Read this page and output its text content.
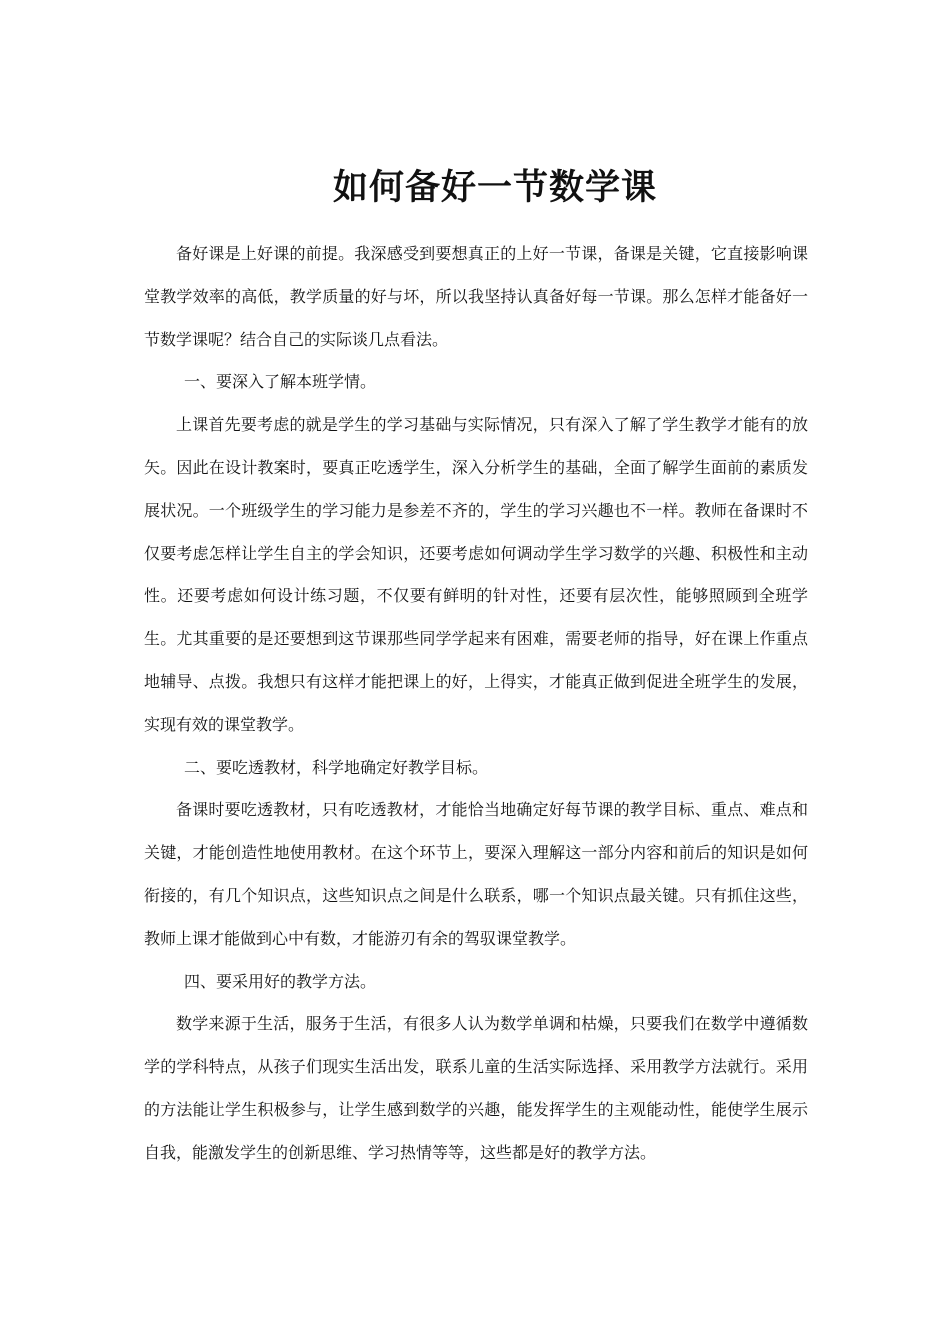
如何备好一节数学课

备好课是上好课的前提。我深感受到要想真正的上好一节课，备课是关键，它直接影响课堂教学效率的高低，教学质量的好与坏，所以我坚持认真备好每一节课。那么怎样才能备好一节数学课呢？结合自己的实际谈几点看法。

一、要深入了解本班学情。

上课首先要考虑的就是学生的学习基础与实际情况，只有深入了解了学生教学才能有的放矢。因此在设计教案时，要真正吃透学生，深入分析学生的基础，全面了解学生面前的素质发展状况。一个班级学生的学习能力是参差不齐的，学生的学习兴趣也不一样。教师在备课时不仅要考虑怎样让学生自主的学会知识，还要考虑如何调动学生学习数学的兴趣、积极性和主动性。还要考虑如何设计练习题，不仅要有鲜明的针对性，还要有层次性，能够照顾到全班学生。尤其重要的是还要想到这节课那些同学学起来有困难，需要老师的指导，好在课上作重点地辅导、点拨。我想只有这样才能把课上的好，上得实，才能真正做到促进全班学生的发展，实现有效的课堂教学。

二、要吃透教材，科学地确定好教学目标。

备课时要吃透教材，只有吃透教材，才能恰当地确定好每节课的教学目标、重点、难点和关键，才能创造性地使用教材。在这个环节上，要深入理解这一部分内容和前后的知识是如何衔接的，有几个知识点，这些知识点之间是什么联系，哪一个知识点最关键。只有抓住这些，教师上课才能做到心中有数，才能游刃有余的驾驭课堂教学。

四、要采用好的教学方法。

数学来源于生活，服务于生活，有很多人认为数学单调和枯燥，只要我们在数学中遵循数学的学科特点，从孩子们现实生活出发，联系儿童的生活实际选择、采用教学方法就行。采用的方法能让学生积极参与，让学生感到数学的兴趣，能发挥学生的主观能动性，能使学生展示自我，能激发学生的创新思维、学习热情等等，这些都是好的教学方法。
